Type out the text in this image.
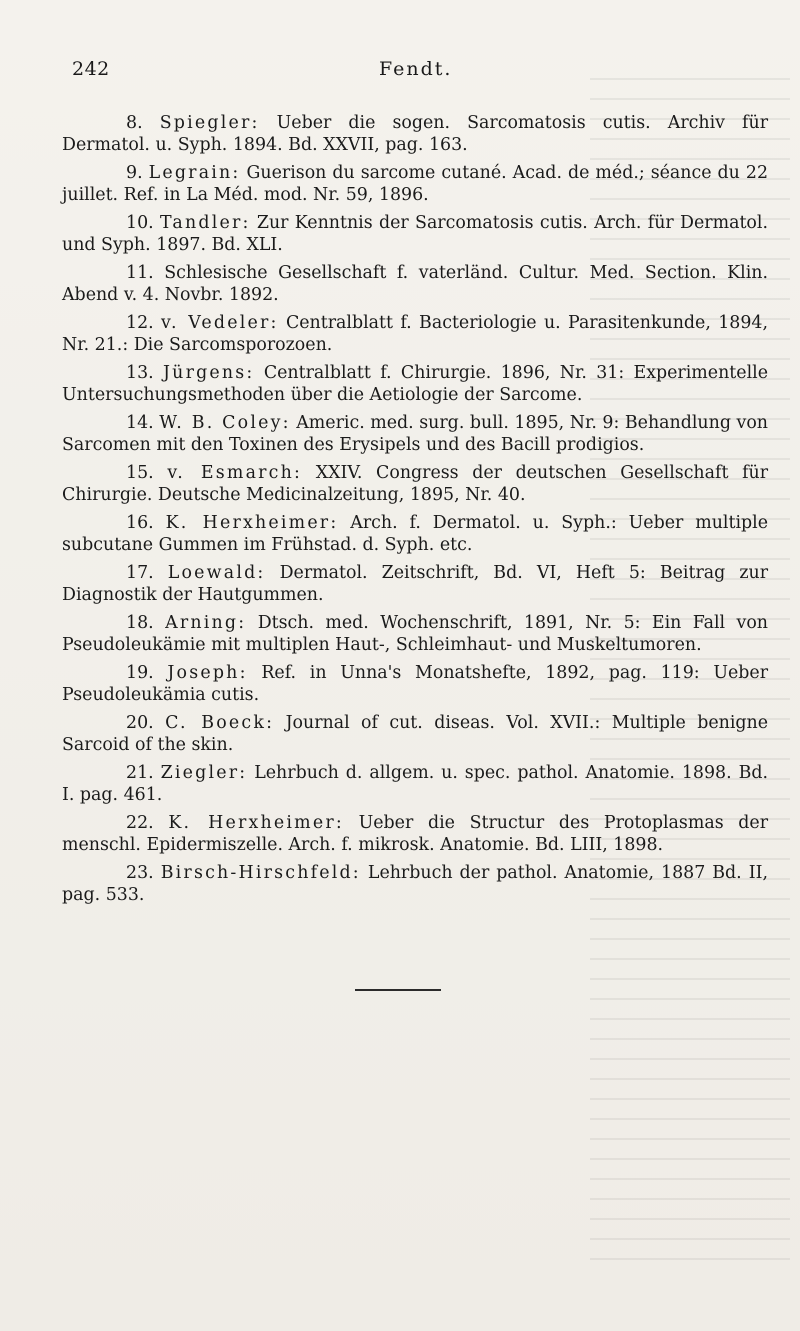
242	Fendt.

8. Spiegler: Ueber die sogen. Sarcomatosis cutis. Archiv für Dermatol. u. Syph. 1894. Bd. XXVII, pag. 163.

9. Legrain: Guerison du sarcome cutané. Acad. de méd.; séance du 22 juillet. Ref. in La Méd. mod. Nr. 59, 1896.

10. Tandler: Zur Kenntnis der Sarcomatosis cutis. Arch. für Dermatol. und Syph. 1897. Bd. XLI.

11. Schlesische Gesellschaft f. vaterländ. Cultur. Med. Section. Klin. Abend v. 4. Novbr. 1892.

12. v. Vedeler: Centralblatt f. Bacteriologie u. Parasitenkunde, 1894, Nr. 21.: Die Sarcomsporozoen.

13. Jürgens: Centralblatt f. Chirurgie. 1896, Nr. 31: Experimentelle Untersuchungsmethoden über die Aetiologie der Sarcome.

14. W. B. Coley: Americ. med. surg. bull. 1895, Nr. 9: Behandlung von Sarcomen mit den Toxinen des Erysipels und des Bacill prodigios.

15. v. Esmarch: XXIV. Congress der deutschen Gesellschaft für Chirurgie. Deutsche Medicinalzeitung, 1895, Nr. 40.

16. K. Herxheimer: Arch. f. Dermatol. u. Syph.: Ueber multiple subcutane Gummen im Frühstad. d. Syph. etc.

17. Loewald: Dermatol. Zeitschrift, Bd. VI, Heft 5: Beitrag zur Diagnostik der Hautgummen.

18. Arning: Dtsch. med. Wochenschrift, 1891, Nr. 5: Ein Fall von Pseudoleukämie mit multiplen Haut-, Schleimhaut- und Muskeltumoren.

19. Joseph: Ref. in Unna's Monatshefte, 1892, pag. 119: Ueber Pseudoleukämia cutis.

20. C. Boeck: Journal of cut. diseas. Vol. XVII.: Multiple benigne Sarcoid of the skin.

21. Ziegler: Lehrbuch d. allgem. u. spec. pathol. Anatomie. 1898. Bd. I. pag. 461.

22. K. Herxheimer: Ueber die Structur des Protoplasmas der menschl. Epidermiszelle. Arch. f. mikrosk. Anatomie. Bd. LIII, 1898.

23. Birsch-Hirschfeld: Lehrbuch der pathol. Anatomie, 1887 Bd. II, pag. 533.
